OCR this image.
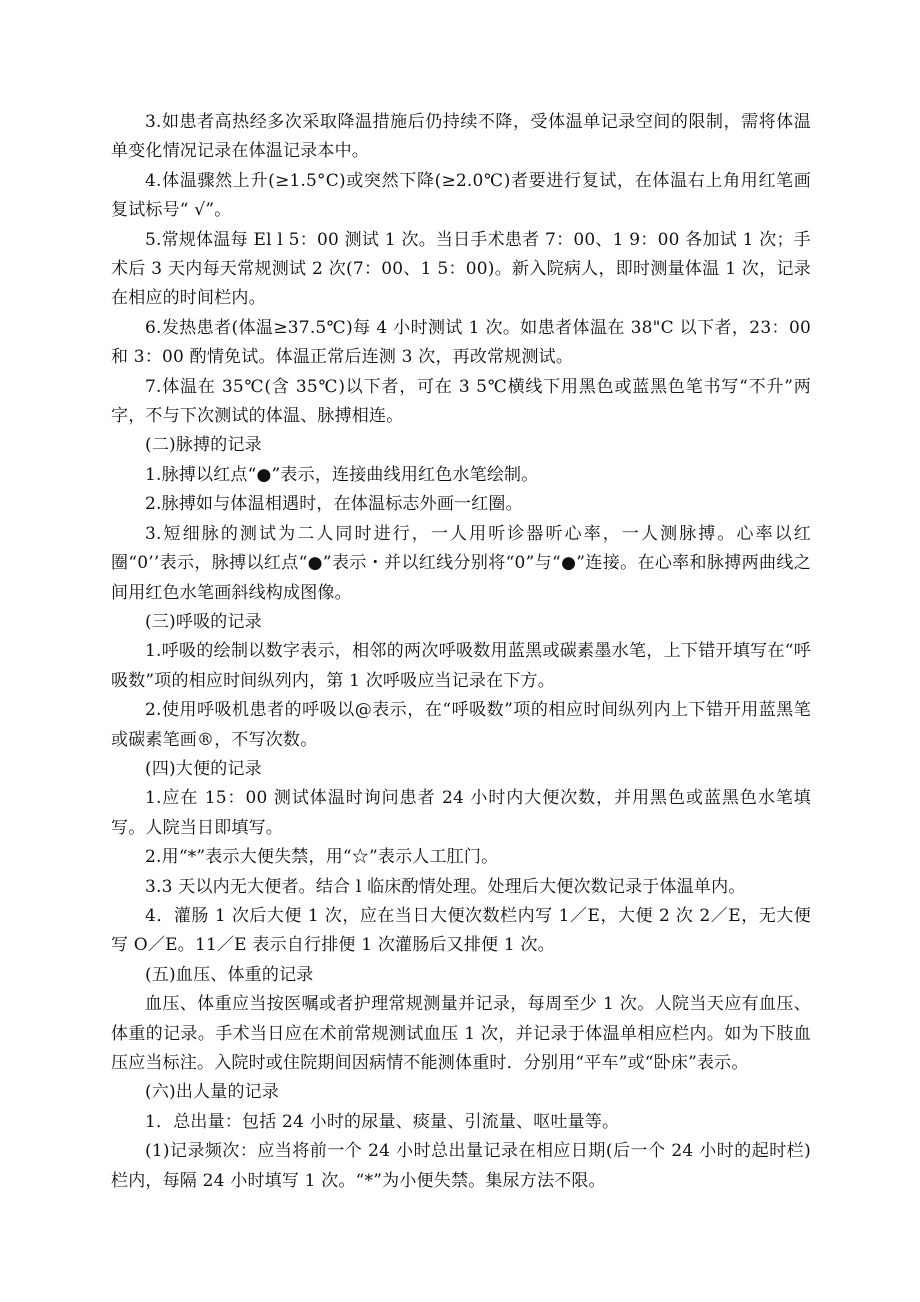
3.如患者高热经多次采取降温措施后仍持续不降，受体温单记录空间的限制，需将体温单变化情况记录在体温记录本中。

4.体温骤然上升(≥1.5°C)或突然下降(≥2.0℃)者要进行复试，在体温右上角用红笔画复试标号“ √”。

5.常规体温每 El l 5：00 测试 1 次。当日手术患者 7：00、1 9：00 各加试 1 次；手术后 3 天内每天常规测试 2 次(7：00、1 5：00)。新入院病人，即时测量体温 1 次，记录在相应的时间栏内。

6.发热患者(体温≥37.5℃)每 4 小时测试 1 次。如患者体温在 38"C 以下者，23：00 和 3：00 酌情免试。体温正常后连测 3 次，再改常规测试。

7.体温在 35℃(含 35℃)以下者，可在 3 5℃横线下用黑色或蓝黑色笔书写“不升”两字，不与下次测试的体温、脉搏相连。

(二)脉搏的记录

1.脉搏以红点“●”表示，连接曲线用红色水笔绘制。

2.脉搏如与体温相遇时，在体温标志外画一红圈。

3.短细脉的测试为二人同时进行，一人用听诊器听心率，一人测脉搏。心率以红圈“0’’表示，脉搏以红点“●”表示・并以红线分别将“0”与“●”连接。在心率和脉搏两曲线之间用红色水笔画斜线构成图像。

(三)呼吸的记录

1.呼吸的绘制以数字表示，相邻的两次呼吸数用蓝黑或碳素墨水笔，上下错开填写在“呼吸数”项的相应时间纵列内，第 1 次呼吸应当记录在下方。

2.使用呼吸机患者的呼吸以@表示，在“呼吸数”项的相应时间纵列内上下错开用蓝黑笔或碳素笔画®，不写次数。

(四)大便的记录

1.应在 15：00 测试体温时询问患者 24 小时内大便次数，并用黑色或蓝黑色水笔填写。人院当日即填写。

2.用“*”表示大便失禁，用“☆”表示人工肛门。

3.3 天以内无大便者。结合 l 临床酌情处理。处理后大便次数记录于体温单内。

4．灌肠 1 次后大便 1 次，应在当日大便次数栏内写 1／E，大便 2 次 2／E，无大便写 O／E。11／E 表示自行排便 1 次灌肠后又排便 1 次。

(五)血压、体重的记录

血压、体重应当按医嘱或者护理常规测量并记录，每周至少 1 次。人院当天应有血压、体重的记录。手术当日应在术前常规测试血压 1 次，并记录于体温单相应栏内。如为下肢血压应当标注。入院时或住院期间因病情不能测体重时．分别用“平车”或“卧床”表示。

(六)出人量的记录

1．总出量：包括 24 小时的尿量、痰量、引流量、呕吐量等。

(1)记录频次：应当将前一个 24 小时总出量记录在相应日期(后一个 24 小时的起时栏)栏内，每隔 24 小时填写 1 次。“*”为小便失禁。集尿方法不限。
